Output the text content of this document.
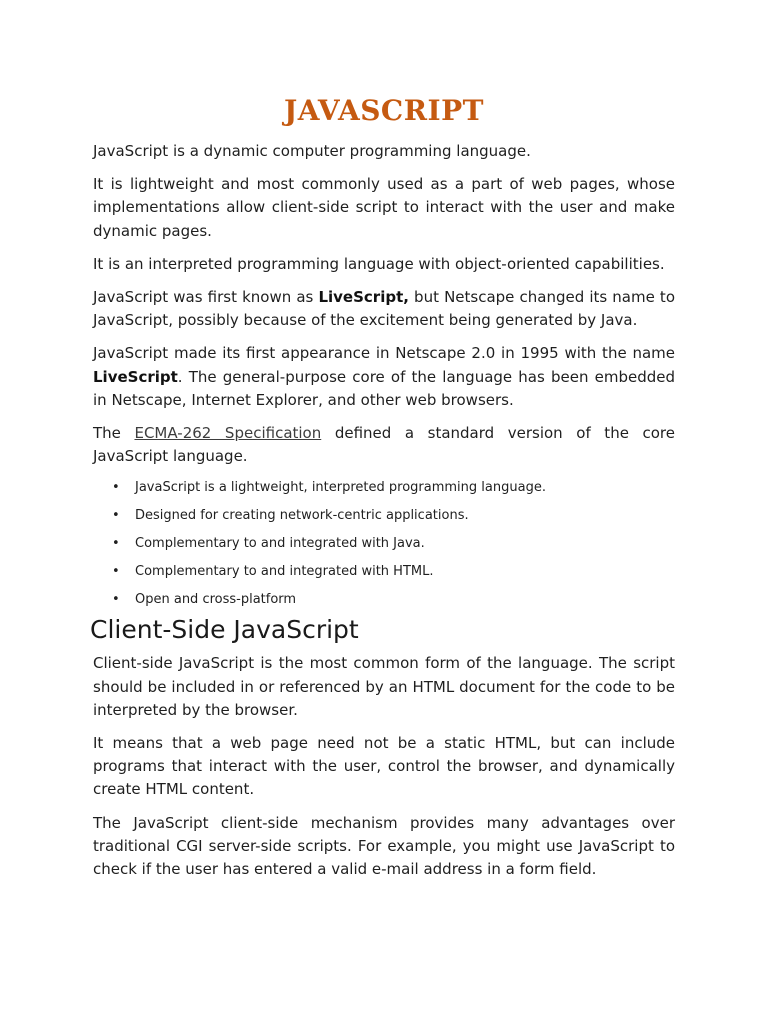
JAVASCRIPT

JavaScript is a dynamic computer programming language.

It is lightweight and most commonly used as a part of web pages, whose implementations allow client-side script to interact with the user and make dynamic pages.

It is an interpreted programming language with object-oriented capabilities.

JavaScript was first known as LiveScript, but Netscape changed its name to JavaScript, possibly because of the excitement being generated by Java.

JavaScript made its first appearance in Netscape 2.0 in 1995 with the name LiveScript. The general-purpose core of the language has been embedded in Netscape, Internet Explorer, and other web browsers.

The ECMA-262 Specification defined a standard version of the core JavaScript language.

• JavaScript is a lightweight, interpreted programming language.
• Designed for creating network-centric applications.
• Complementary to and integrated with Java.
• Complementary to and integrated with HTML.
• Open and cross-platform
Client-Side JavaScript

Client-side JavaScript is the most common form of the language. The script should be included in or referenced by an HTML document for the code to be interpreted by the browser.

It means that a web page need not be a static HTML, but can include programs that interact with the user, control the browser, and dynamically create HTML content.

The JavaScript client-side mechanism provides many advantages over traditional CGI server-side scripts. For example, you might use JavaScript to check if the user has entered a valid e-mail address in a form field.
